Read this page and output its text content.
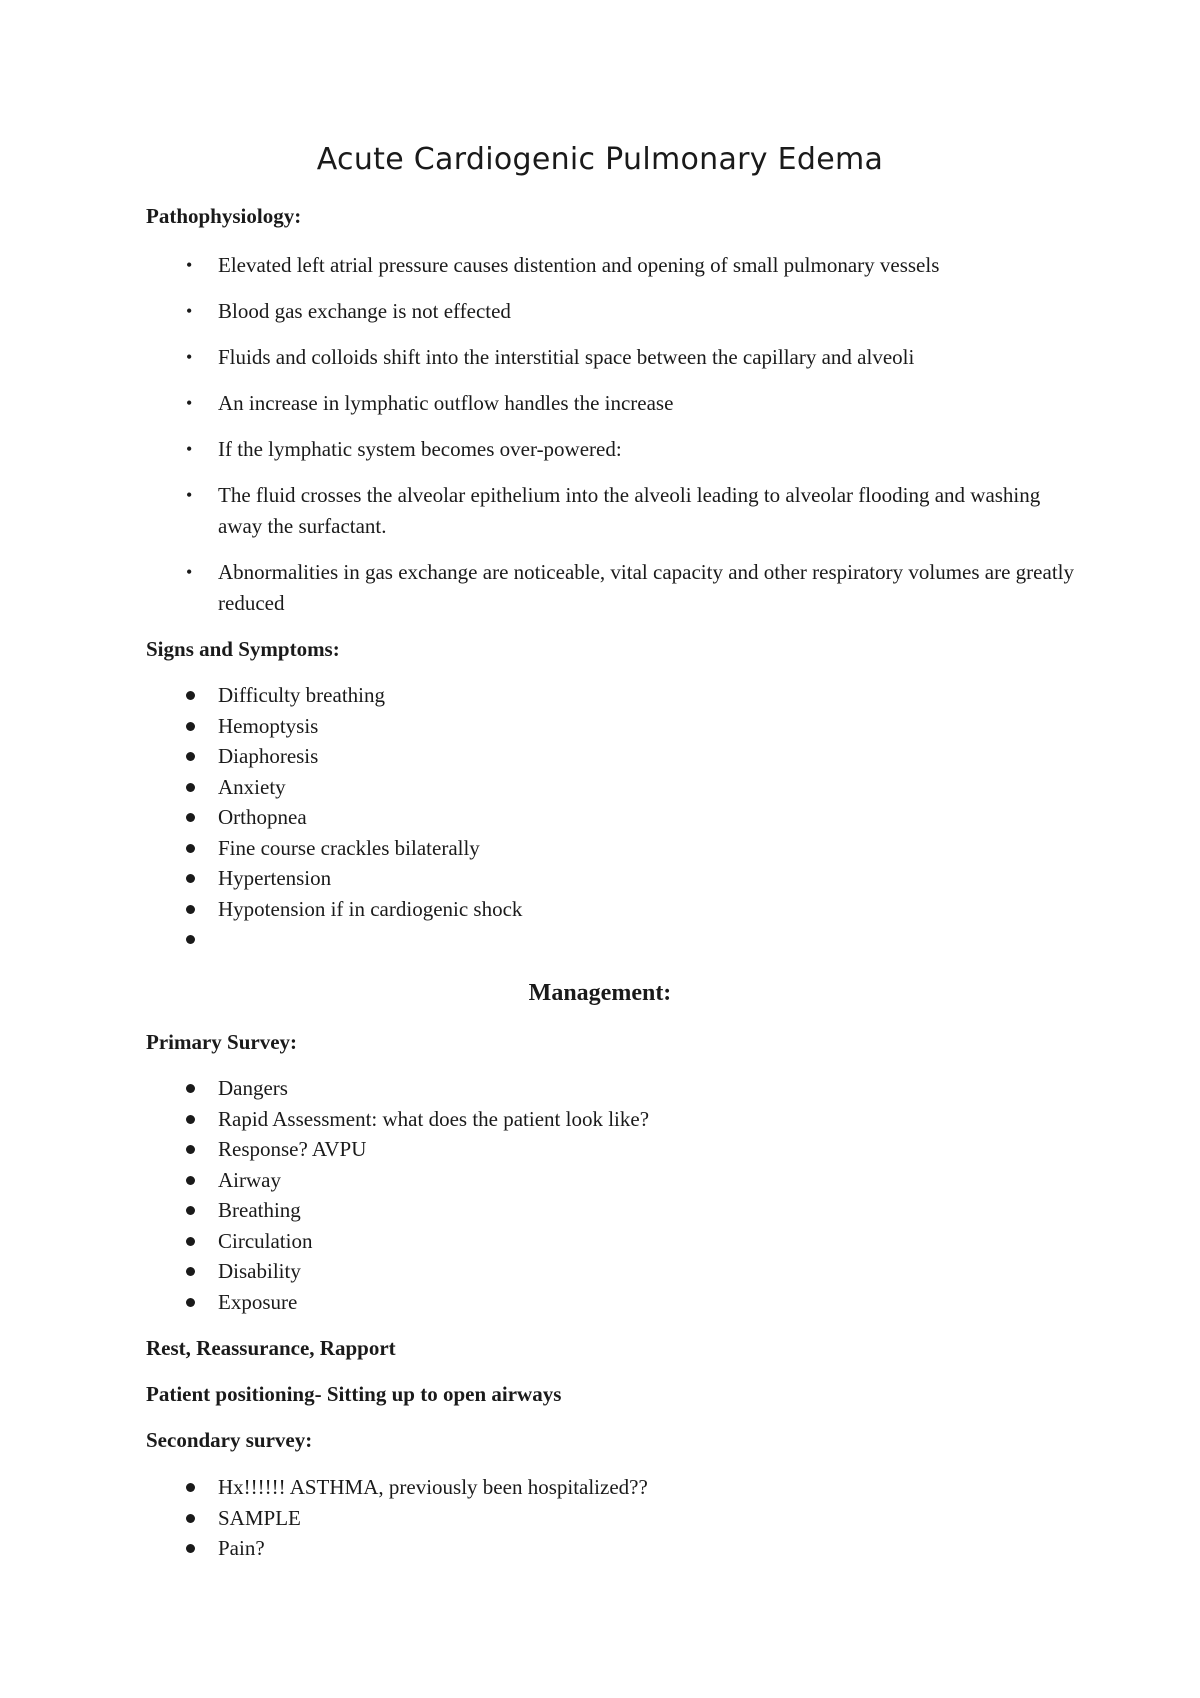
Acute Cardiogenic Pulmonary Edema
Pathophysiology:
• Elevated left atrial pressure causes distention and opening of small pulmonary vessels
• Blood gas exchange is not effected
• Fluids and colloids shift into the interstitial space between the capillary and alveoli
• An increase in lymphatic outflow handles the increase
• If the lymphatic system becomes over-powered:
• The fluid crosses the alveolar epithelium into the alveoli leading to alveolar flooding and washing away the surfactant.
• Abnormalities in gas exchange are noticeable, vital capacity and other respiratory volumes are greatly reduced
Signs and Symptoms:
Difficulty breathing
Hemoptysis
Diaphoresis
Anxiety
Orthopnea
Fine course crackles bilaterally
Hypertension
Hypotension if in cardiogenic shock
Management:
Primary Survey:
Dangers
Rapid Assessment: what does the patient look like?
Response? AVPU
Airway
Breathing
Circulation
Disability
Exposure
Rest, Reassurance, Rapport
Patient positioning- Sitting up to open airways
Secondary survey:
Hx!!!!!! ASTHMA, previously been hospitalized??
SAMPLE
Pain?
